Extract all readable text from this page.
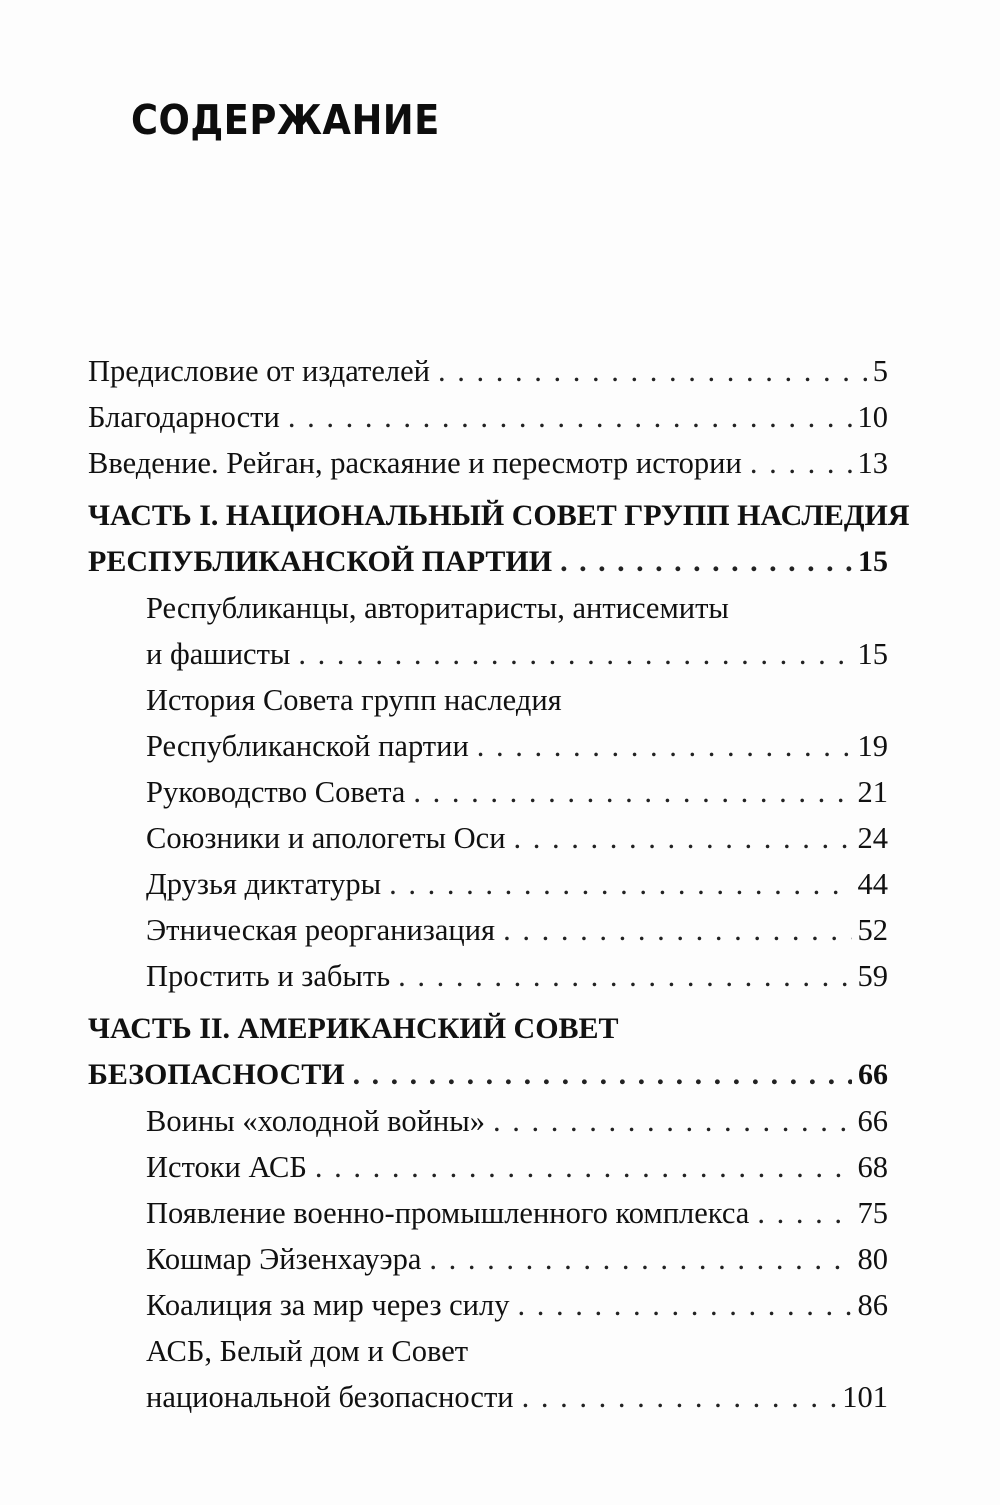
СОДЕРЖАНИЕ
Предисловие от издателей . . .	5
Благодарности . . .	10
Введение. Рейган, раскаяние и пересмотр истории . . .	13
ЧАСТЬ I. НАЦИОНАЛЬНЫЙ СОВЕТ ГРУПП НАСЛЕДИЯ
РЕСПУБЛИКАНСКОЙ ПАРТИИ . . .	15
Республиканцы, авторитаристы, антисемиты
и фашисты . . .	15
История Совета групп наследия
Республиканской партии . . .	19
Руководство Совета . . .	21
Союзники и апологеты Оси . . .	24
Друзья диктатуры . . .	44
Этническая реорганизация . . .	52
Простить и забыть . . .	59
ЧАСТЬ II. АМЕРИКАНСКИЙ СОВЕТ
БЕЗОПАСНОСТИ . . .	66
Воины «холодной войны» . . .	66
Истоки АСБ . . .	68
Появление военно-промышленного комплекса . . .	75
Кошмар Эйзенхауэра . . .	80
Коалиция за мир через силу . . .	86
АСБ, Белый дом и Совет
национальной безопасности . . .	101
